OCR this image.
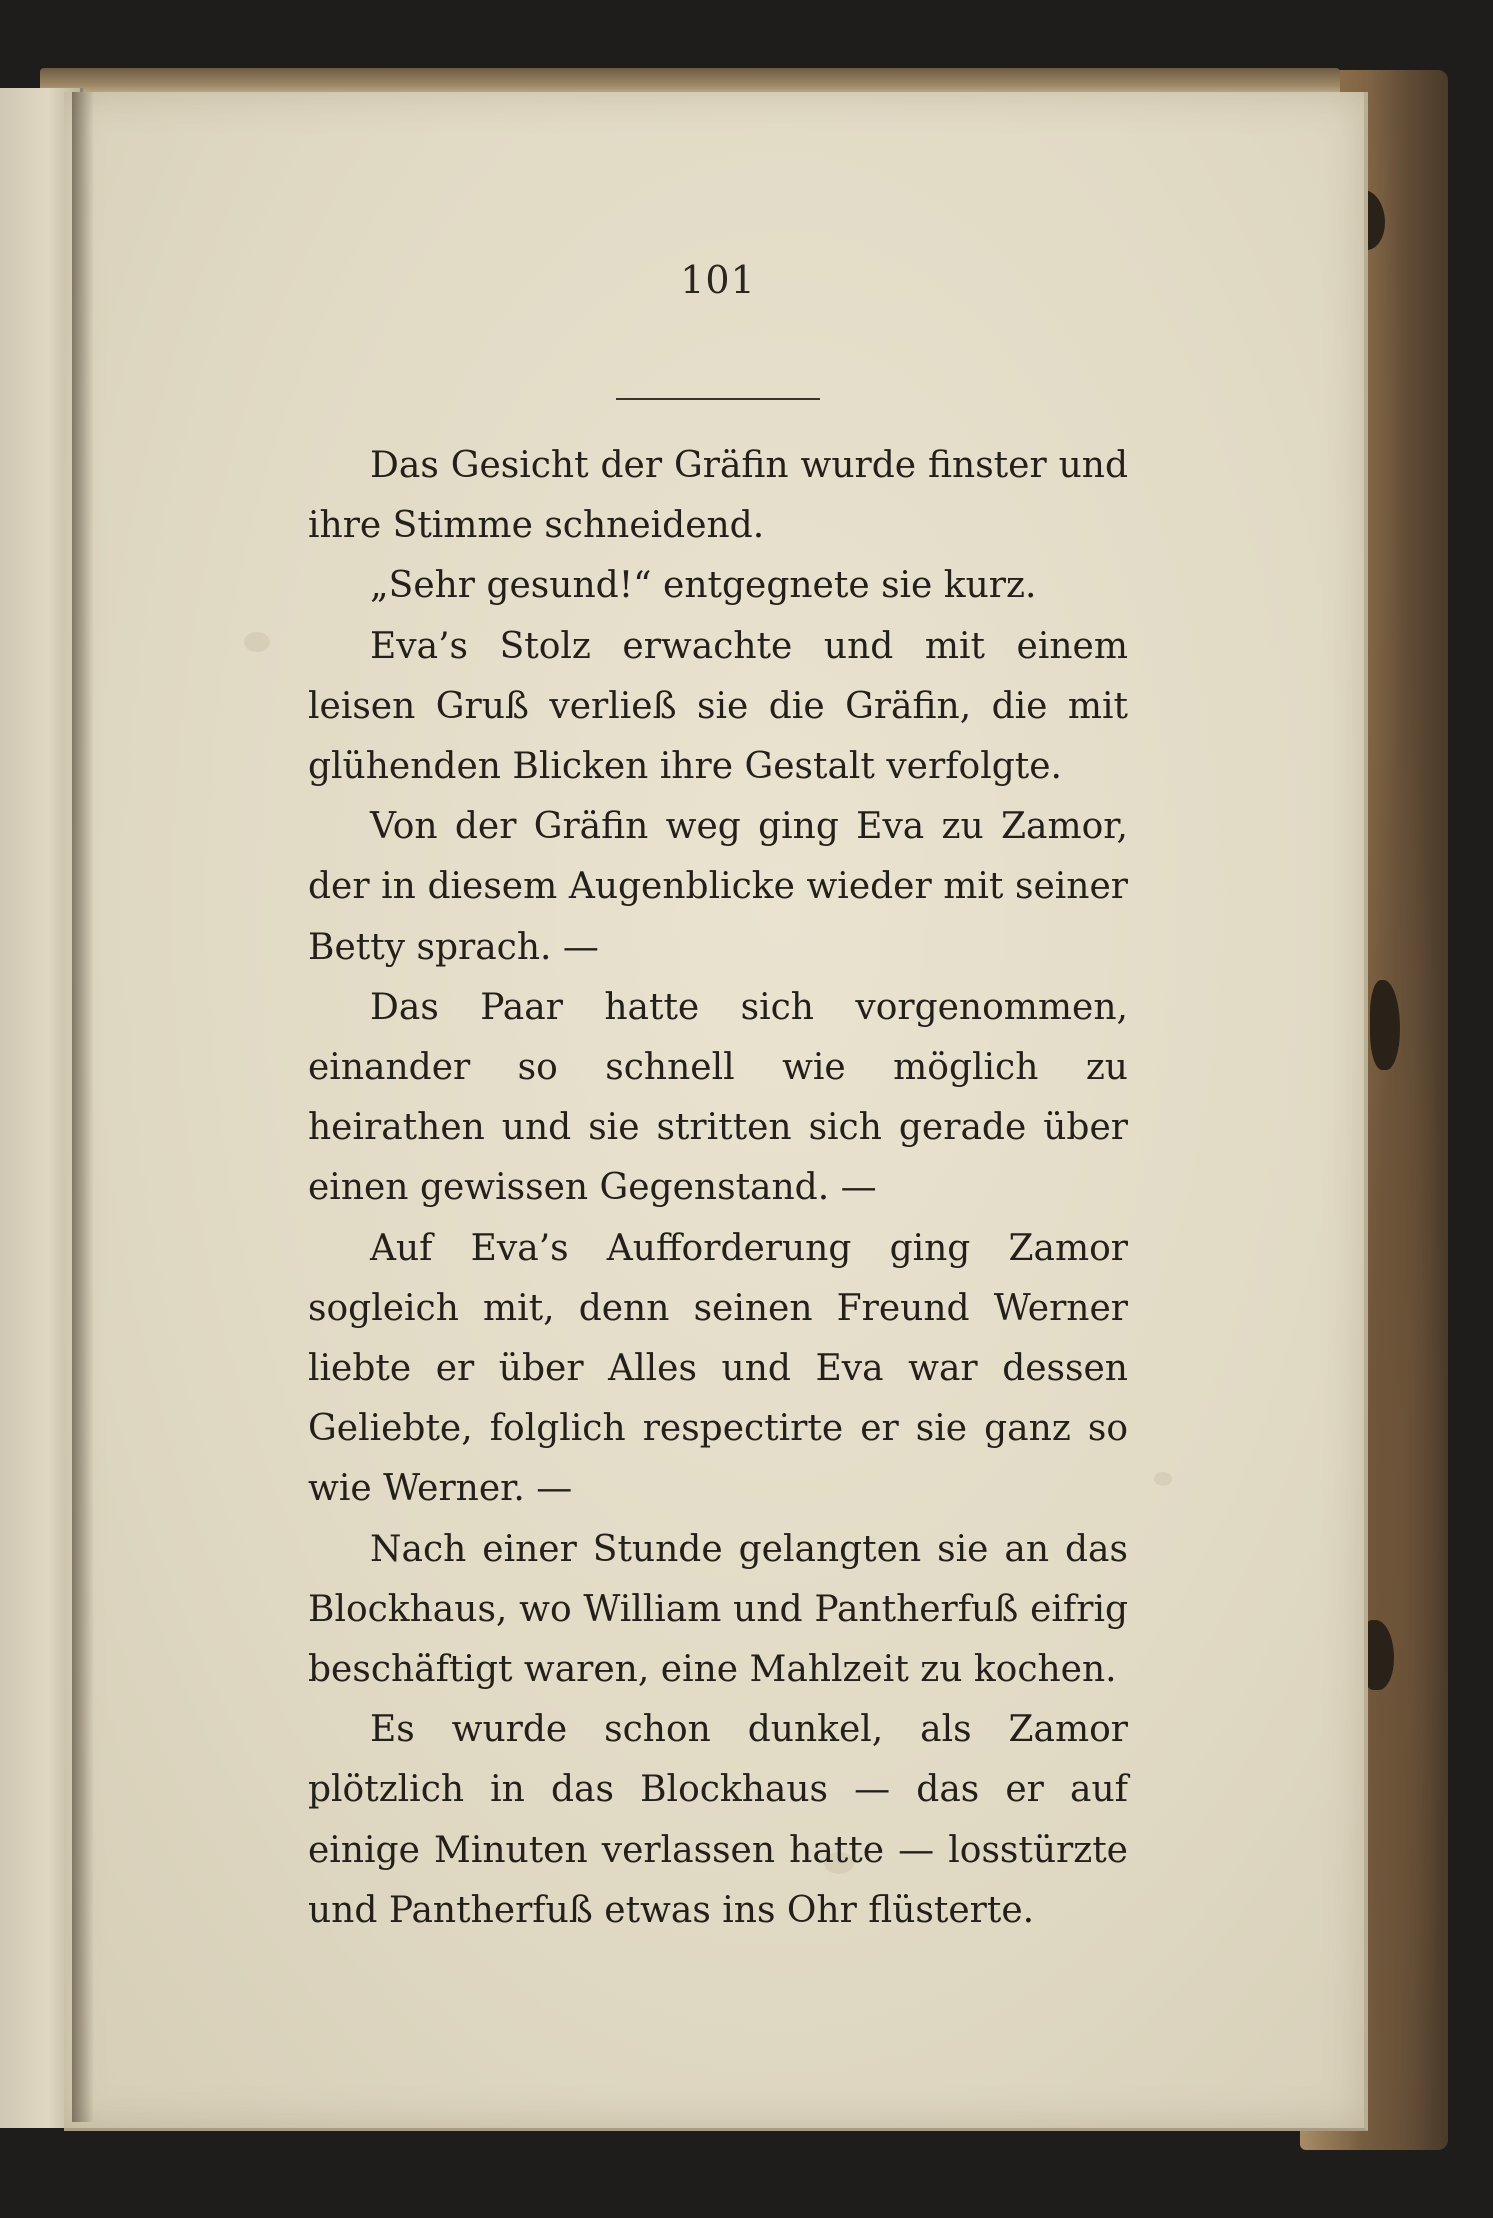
101

Das Gesicht der Gräfin wurde finster und ihre Stimme schneidend.

„Sehr gesund!“ entgegnete sie kurz.

Eva’s Stolz erwachte und mit einem leisen Gruß verließ sie die Gräfin, die mit glühenden Blicken ihre Gestalt verfolgte.

Von der Gräfin weg ging Eva zu Zamor, der in diesem Augenblicke wieder mit seiner Betty sprach. —

Das Paar hatte sich vorgenommen, einander so schnell wie möglich zu heirathen und sie stritten sich gerade über einen gewissen Gegenstand. —

Auf Eva’s Aufforderung ging Zamor sogleich mit, denn seinen Freund Werner liebte er über Alles und Eva war dessen Geliebte, folglich respectirte er sie ganz so wie Werner. —

Nach einer Stunde gelangten sie an das Blockhaus, wo William und Pantherfuß eifrig beschäftigt waren, eine Mahlzeit zu kochen.

Es wurde schon dunkel, als Zamor plötzlich in das Blockhaus — das er auf einige Minuten verlassen hatte — losstürzte und Pantherfuß etwas ins Ohr flüsterte.
